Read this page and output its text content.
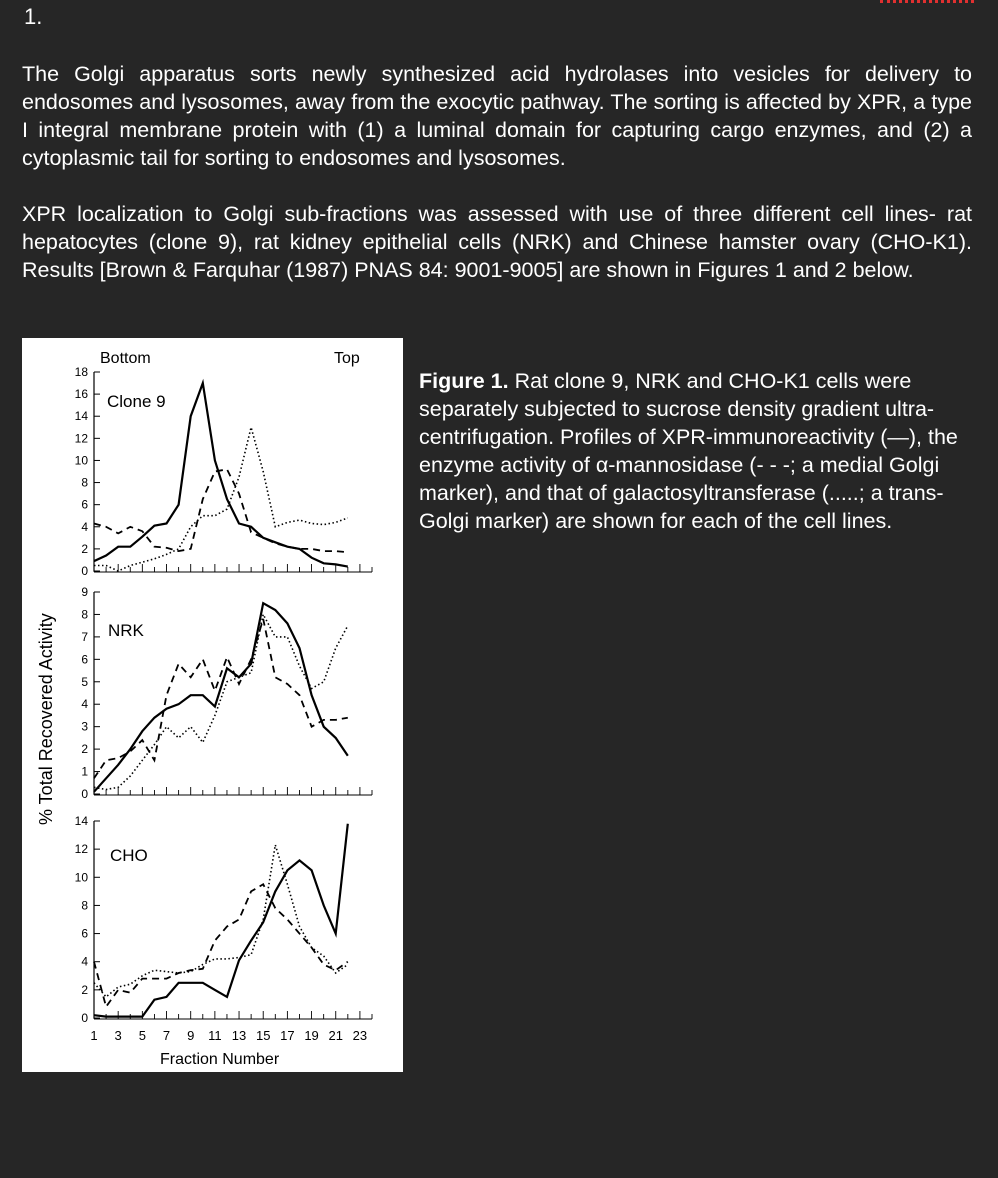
1.
The Golgi apparatus sorts newly synthesized acid hydrolases into vesicles for delivery to endosomes and lysosomes, away from the exocytic pathway. The sorting is affected by XPR, a type I integral membrane protein with (1) a luminal domain for capturing cargo enzymes, and (2) a cytoplasmic tail for sorting to endosomes and lysosomes.
XPR localization to Golgi sub-fractions was assessed with use of three different cell lines- rat hepatocytes (clone 9), rat kidney epithelial cells (NRK) and Chinese hamster ovary (CHO-K1). Results [Brown & Farquhar (1987) PNAS 84: 9001-9005] are shown in Figures 1 and 2 below.
Bottom	Top
% Total Recovered Activity
Fraction Number
0
2
4
6
8
10
12
14
16
18
Clone 9
0
1
2
3
4
5
6
7
8
9
NRK
0
2
4
6
8
10
12
14
CHO
1 3 5 7 9 11 13 15 17 19 21 23
Figure 1. Rat clone 9, NRK and CHO-K1 cells were separately subjected to sucrose density gradient ultra-centrifugation. Profiles of XPR-immunoreactivity (—), the enzyme activity of α-mannosidase (- - -; a medial Golgi marker), and that of galactosyltransferase (.....; a trans-Golgi marker) are shown for each of the cell lines.
